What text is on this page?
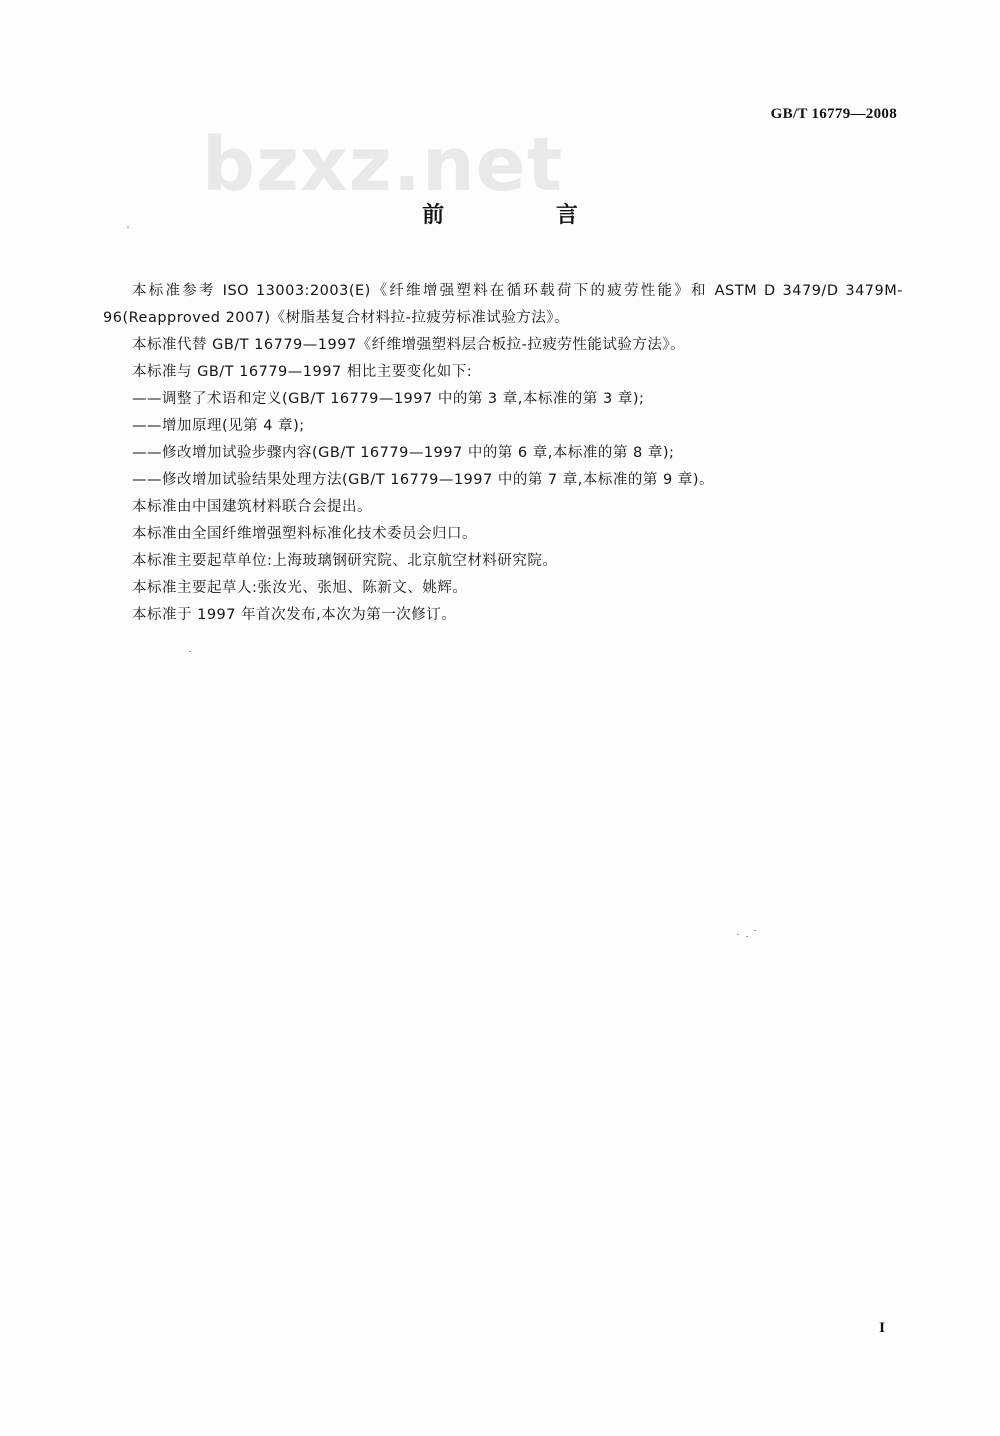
GB/T 16779—2008
bzxz.net
前 言

本标准参考 ISO 13003:2003(E)《纤维增强塑料在循环载荷下的疲劳性能》和 ASTM D 3479/D 3479M-96(Reapproved 2007)《树脂基复合材料拉-拉疲劳标准试验方法》。

本标准代替 GB/T 16779—1997《纤维增强塑料层合板拉-拉疲劳性能试验方法》。

本标准与 GB/T 16779—1997 相比主要变化如下:

——调整了术语和定义(GB/T 16779—1997 中的第 3 章,本标准的第 3 章);

——增加原理(见第 4 章);

——修改增加试验步骤内容(GB/T 16779—1997 中的第 6 章,本标准的第 8 章);

——修改增加试验结果处理方法(GB/T 16779—1997 中的第 7 章,本标准的第 9 章)。

本标准由中国建筑材料联合会提出。

本标准由全国纤维增强塑料标准化技术委员会归口。

本标准主要起草单位:上海玻璃钢研究院、北京航空材料研究院。

本标准主要起草人:张汝光、张旭、陈新文、姚辉。

本标准于 1997 年首次发布,本次为第一次修订。

I
